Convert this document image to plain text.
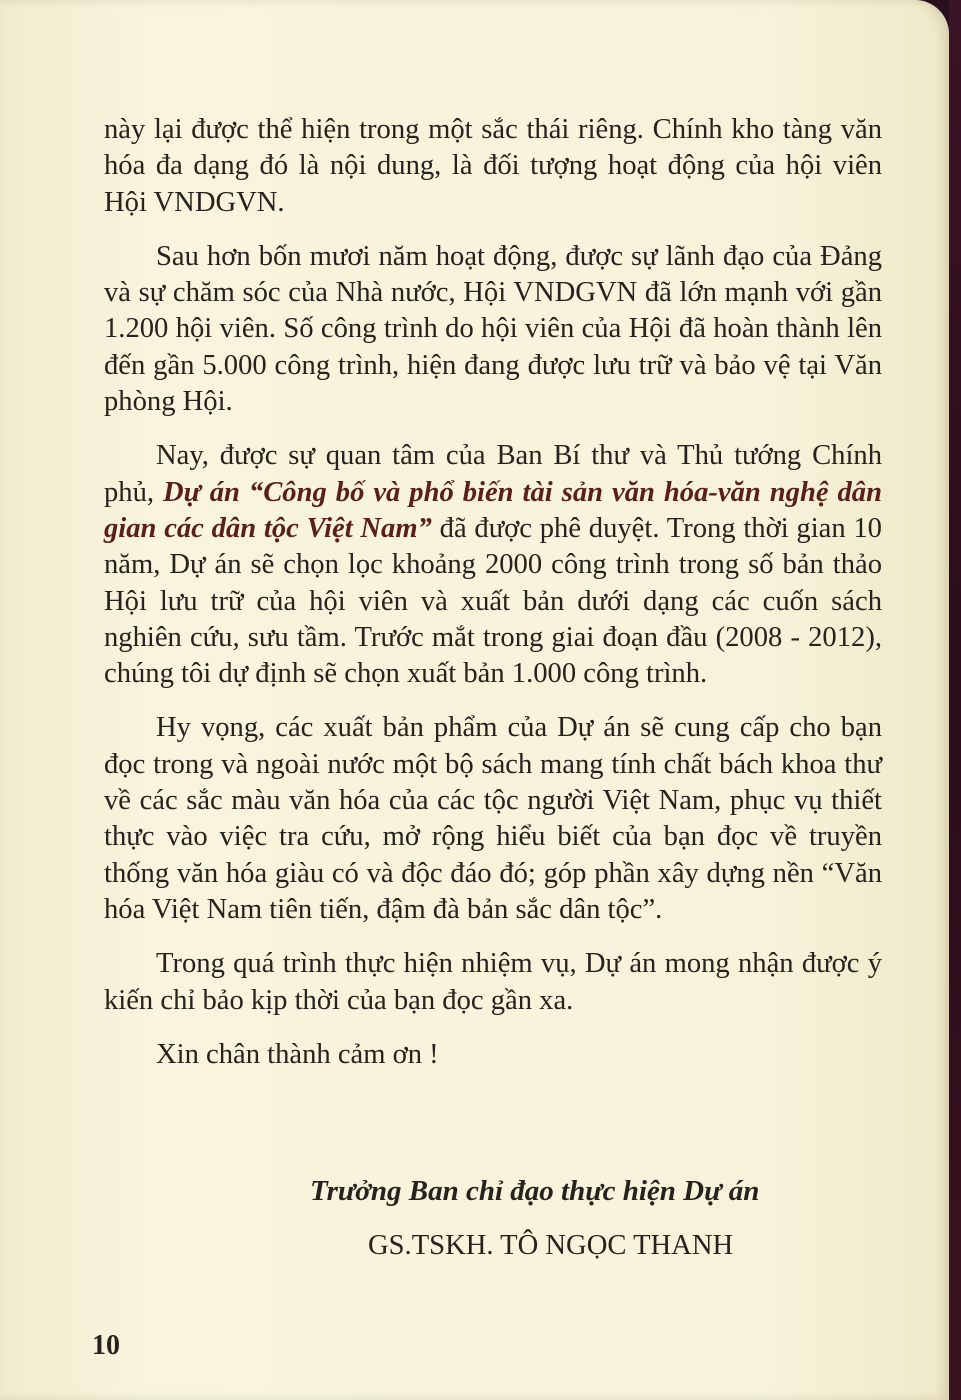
này lại được thể hiện trong một sắc thái riêng. Chính kho tàng văn hóa đa dạng đó là nội dung, là đối tượng hoạt động của hội viên Hội VNDGVN.

Sau hơn bốn mươi năm hoạt động, được sự lãnh đạo của Đảng và sự chăm sóc của Nhà nước, Hội VNDGVN đã lớn mạnh với gần 1.200 hội viên. Số công trình do hội viên của Hội đã hoàn thành lên đến gần 5.000 công trình, hiện đang được lưu trữ và bảo vệ tại Văn phòng Hội.

Nay, được sự quan tâm của Ban Bí thư và Thủ tướng Chính phủ, Dự án “Công bố và phổ biến tài sản văn hóa-văn nghệ dân gian các dân tộc Việt Nam” đã được phê duyệt. Trong thời gian 10 năm, Dự án sẽ chọn lọc khoảng 2000 công trình trong số bản thảo Hội lưu trữ của hội viên và xuất bản dưới dạng các cuốn sách nghiên cứu, sưu tầm. Trước mắt trong giai đoạn đầu (2008 - 2012), chúng tôi dự định sẽ chọn xuất bản 1.000 công trình.

Hy vọng, các xuất bản phẩm của Dự án sẽ cung cấp cho bạn đọc trong và ngoài nước một bộ sách mang tính chất bách khoa thư về các sắc màu văn hóa của các tộc người Việt Nam, phục vụ thiết thực vào việc tra cứu, mở rộng hiểu biết của bạn đọc về truyền thống văn hóa giàu có và độc đáo đó; góp phần xây dựng nền “Văn hóa Việt Nam tiên tiến, đậm đà bản sắc dân tộc”.

Trong quá trình thực hiện nhiệm vụ, Dự án mong nhận được ý kiến chỉ bảo kịp thời của bạn đọc gần xa.

Xin chân thành cảm ơn !

Trưởng Ban chỉ đạo thực hiện Dự án
GS.TSKH. TÔ NGỌC THANH
10
